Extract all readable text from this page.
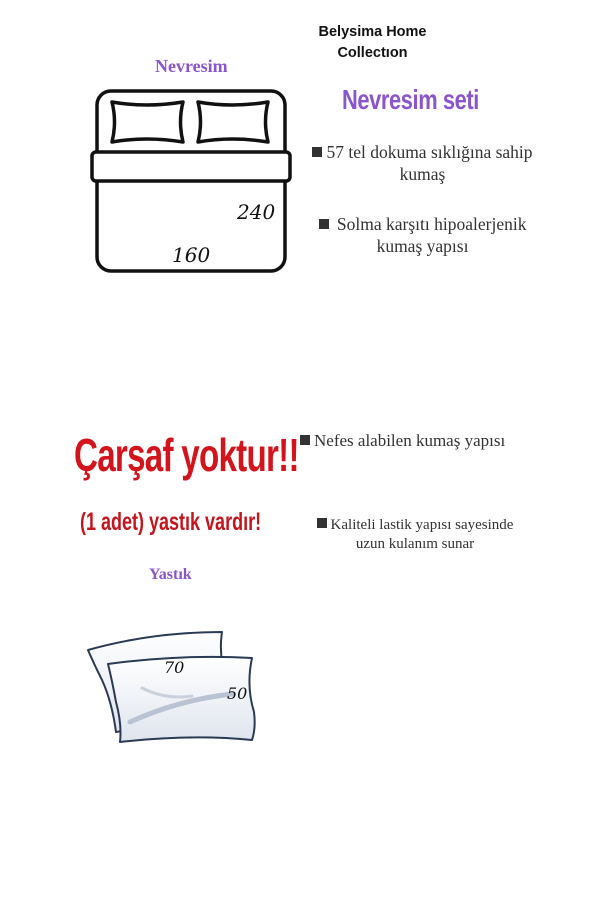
Belysima Home
Collectıon
Nevresim
240
160
Nevresim seti
57 tel dokuma sıklığına sahip
kumaş
Solma karşıtı hipoalerjenik
kumaş yapısı
Nefes alabilen kumaş yapısı
Kaliteli lastik yapısı sayesinde
uzun kulanım sunar
Çarşaf yoktur!!
(1 adet) yastık vardır!
Yastık
70
50
